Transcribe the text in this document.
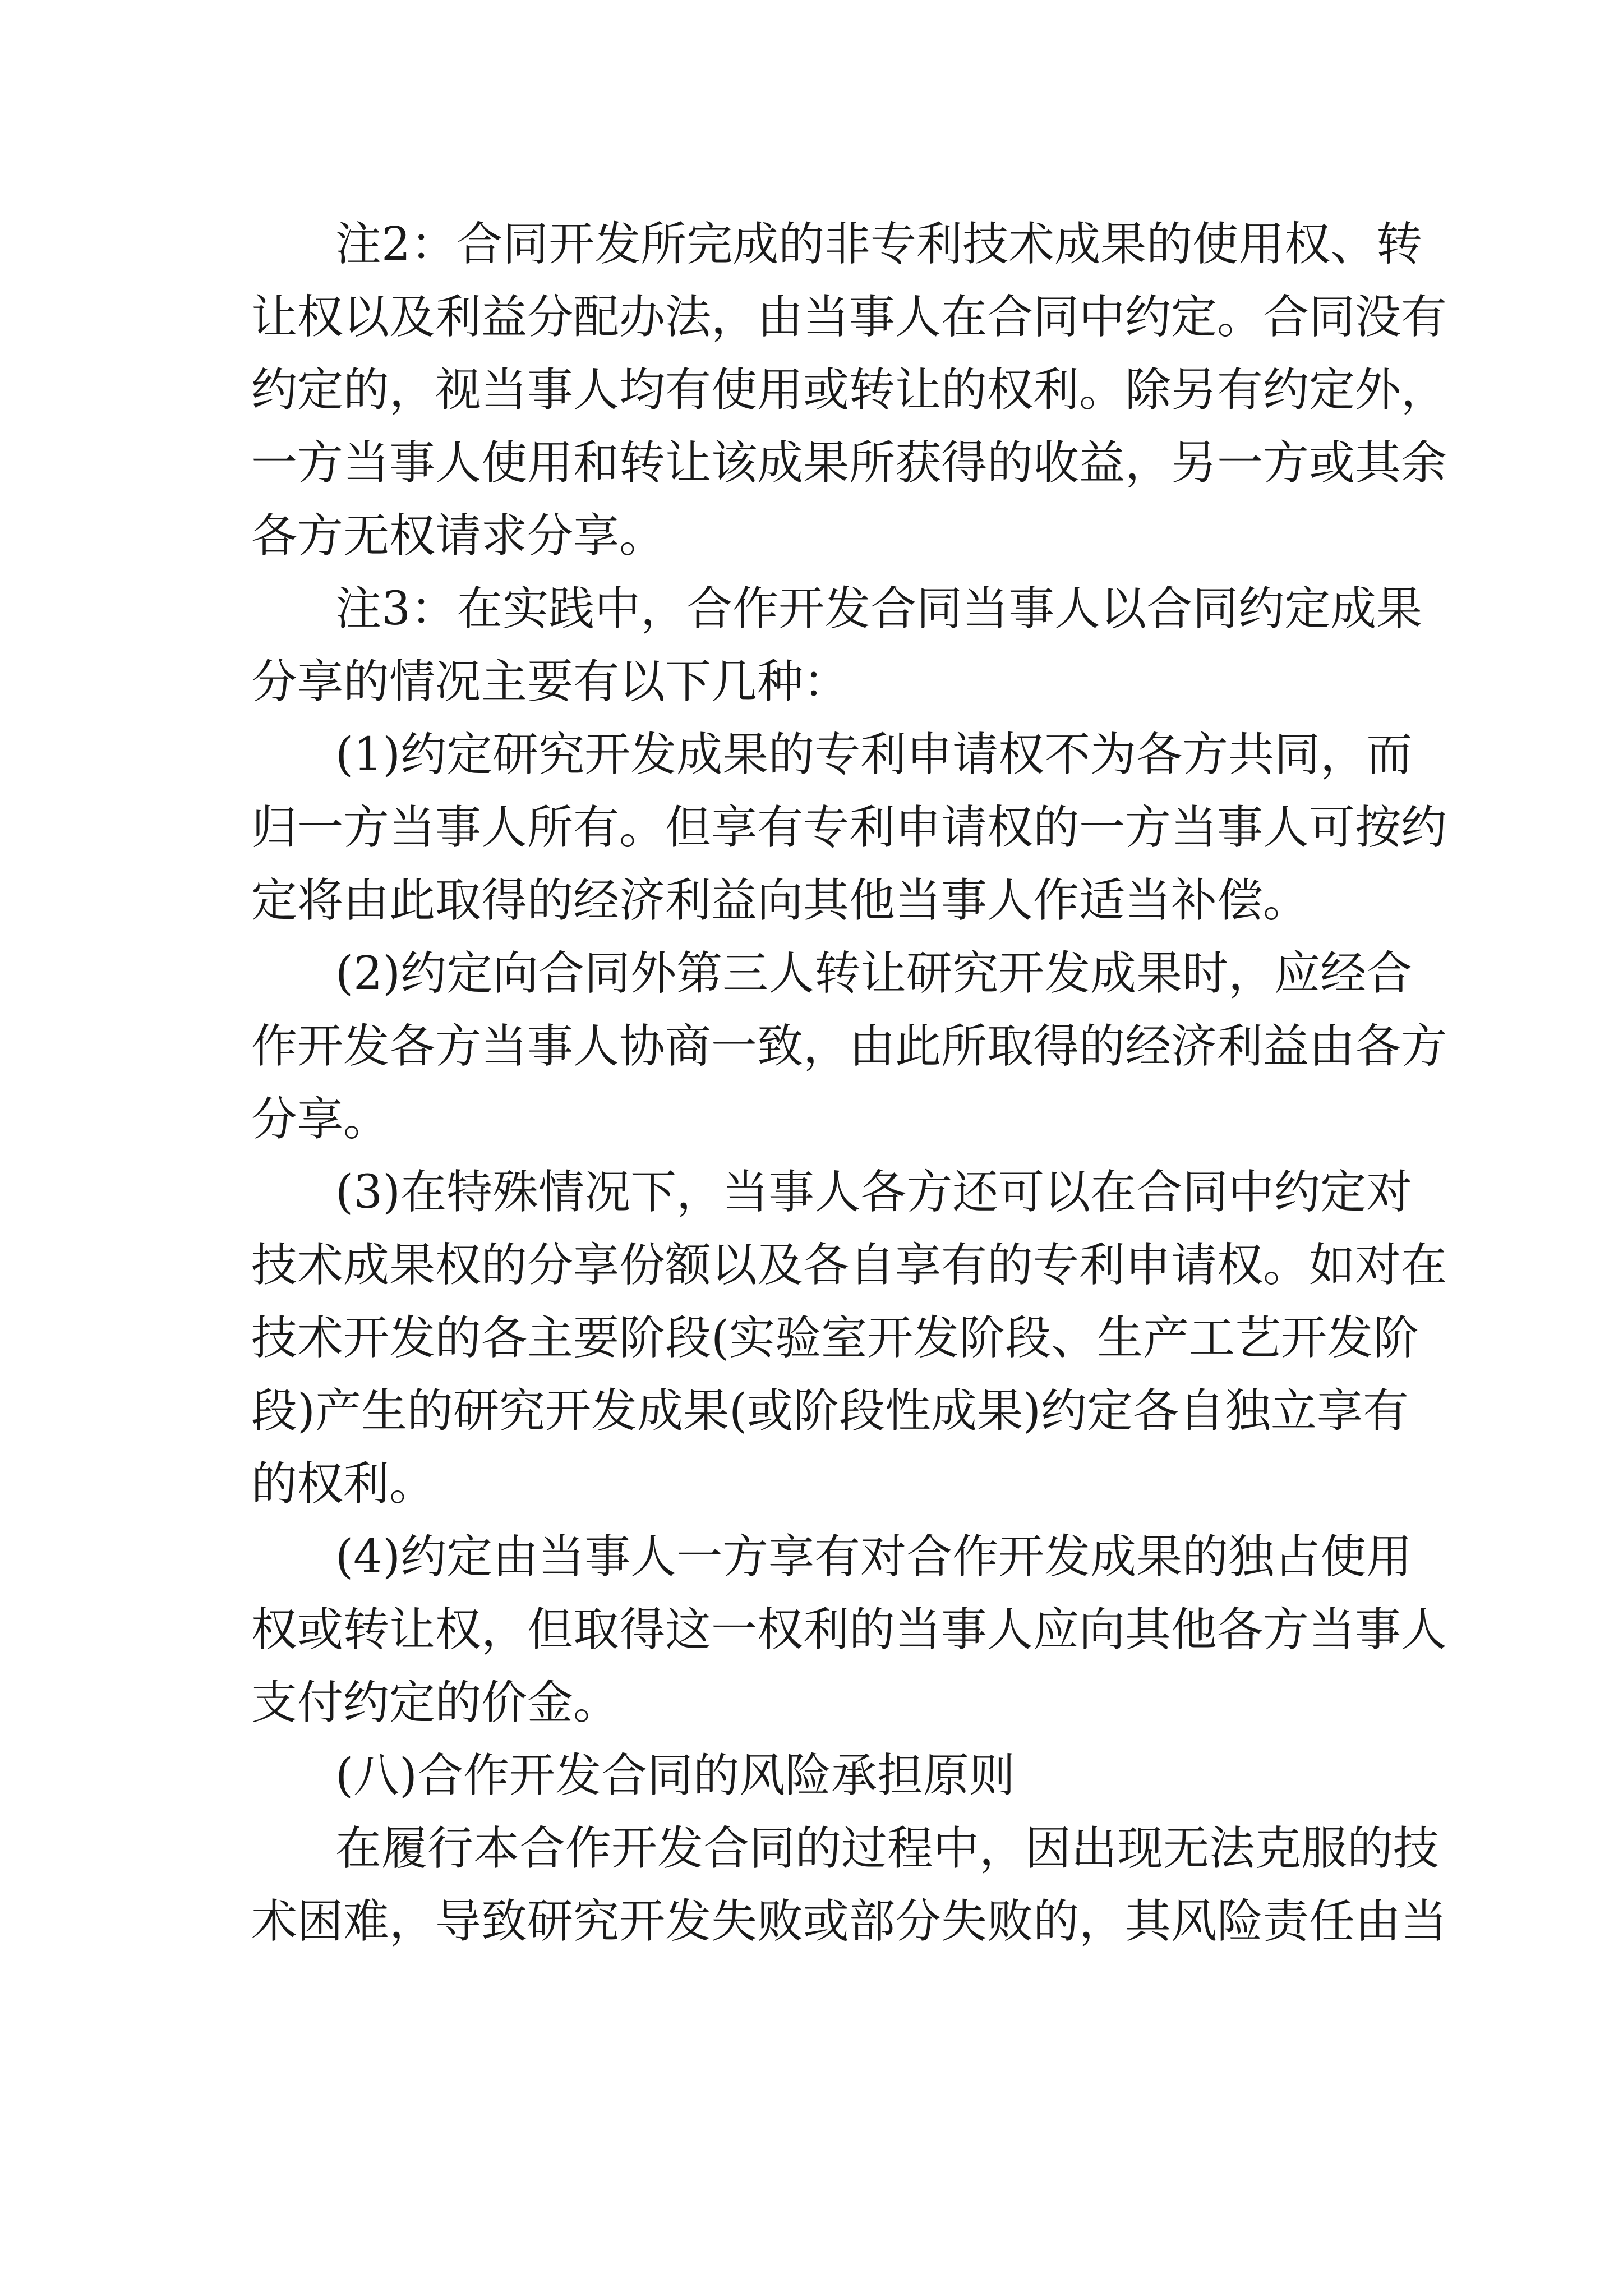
注2：合同开发所完成的非专利技术成果的使用权、转
让权以及利益分配办法，由当事人在合同中约定。合同没有
约定的，视当事人均有使用或转让的权利。除另有约定外，
一方当事人使用和转让该成果所获得的收益，另一方或其余
各方无权请求分享。
注3：在实践中，合作开发合同当事人以合同约定成果
分享的情况主要有以下几种：
(1)约定研究开发成果的专利申请权不为各方共同，而
归一方当事人所有。但享有专利申请权的一方当事人可按约
定将由此取得的经济利益向其他当事人作适当补偿。
(2)约定向合同外第三人转让研究开发成果时，应经合
作开发各方当事人协商一致，由此所取得的经济利益由各方
分享。
(3)在特殊情况下，当事人各方还可以在合同中约定对
技术成果权的分享份额以及各自享有的专利申请权。如对在
技术开发的各主要阶段(实验室开发阶段、生产工艺开发阶
段)产生的研究开发成果(或阶段性成果)约定各自独立享有
的权利。
(4)约定由当事人一方享有对合作开发成果的独占使用
权或转让权，但取得这一权利的当事人应向其他各方当事人
支付约定的价金。
(八)合作开发合同的风险承担原则
在履行本合作开发合同的过程中，因出现无法克服的技
术困难，导致研究开发失败或部分失败的，其风险责任由当
